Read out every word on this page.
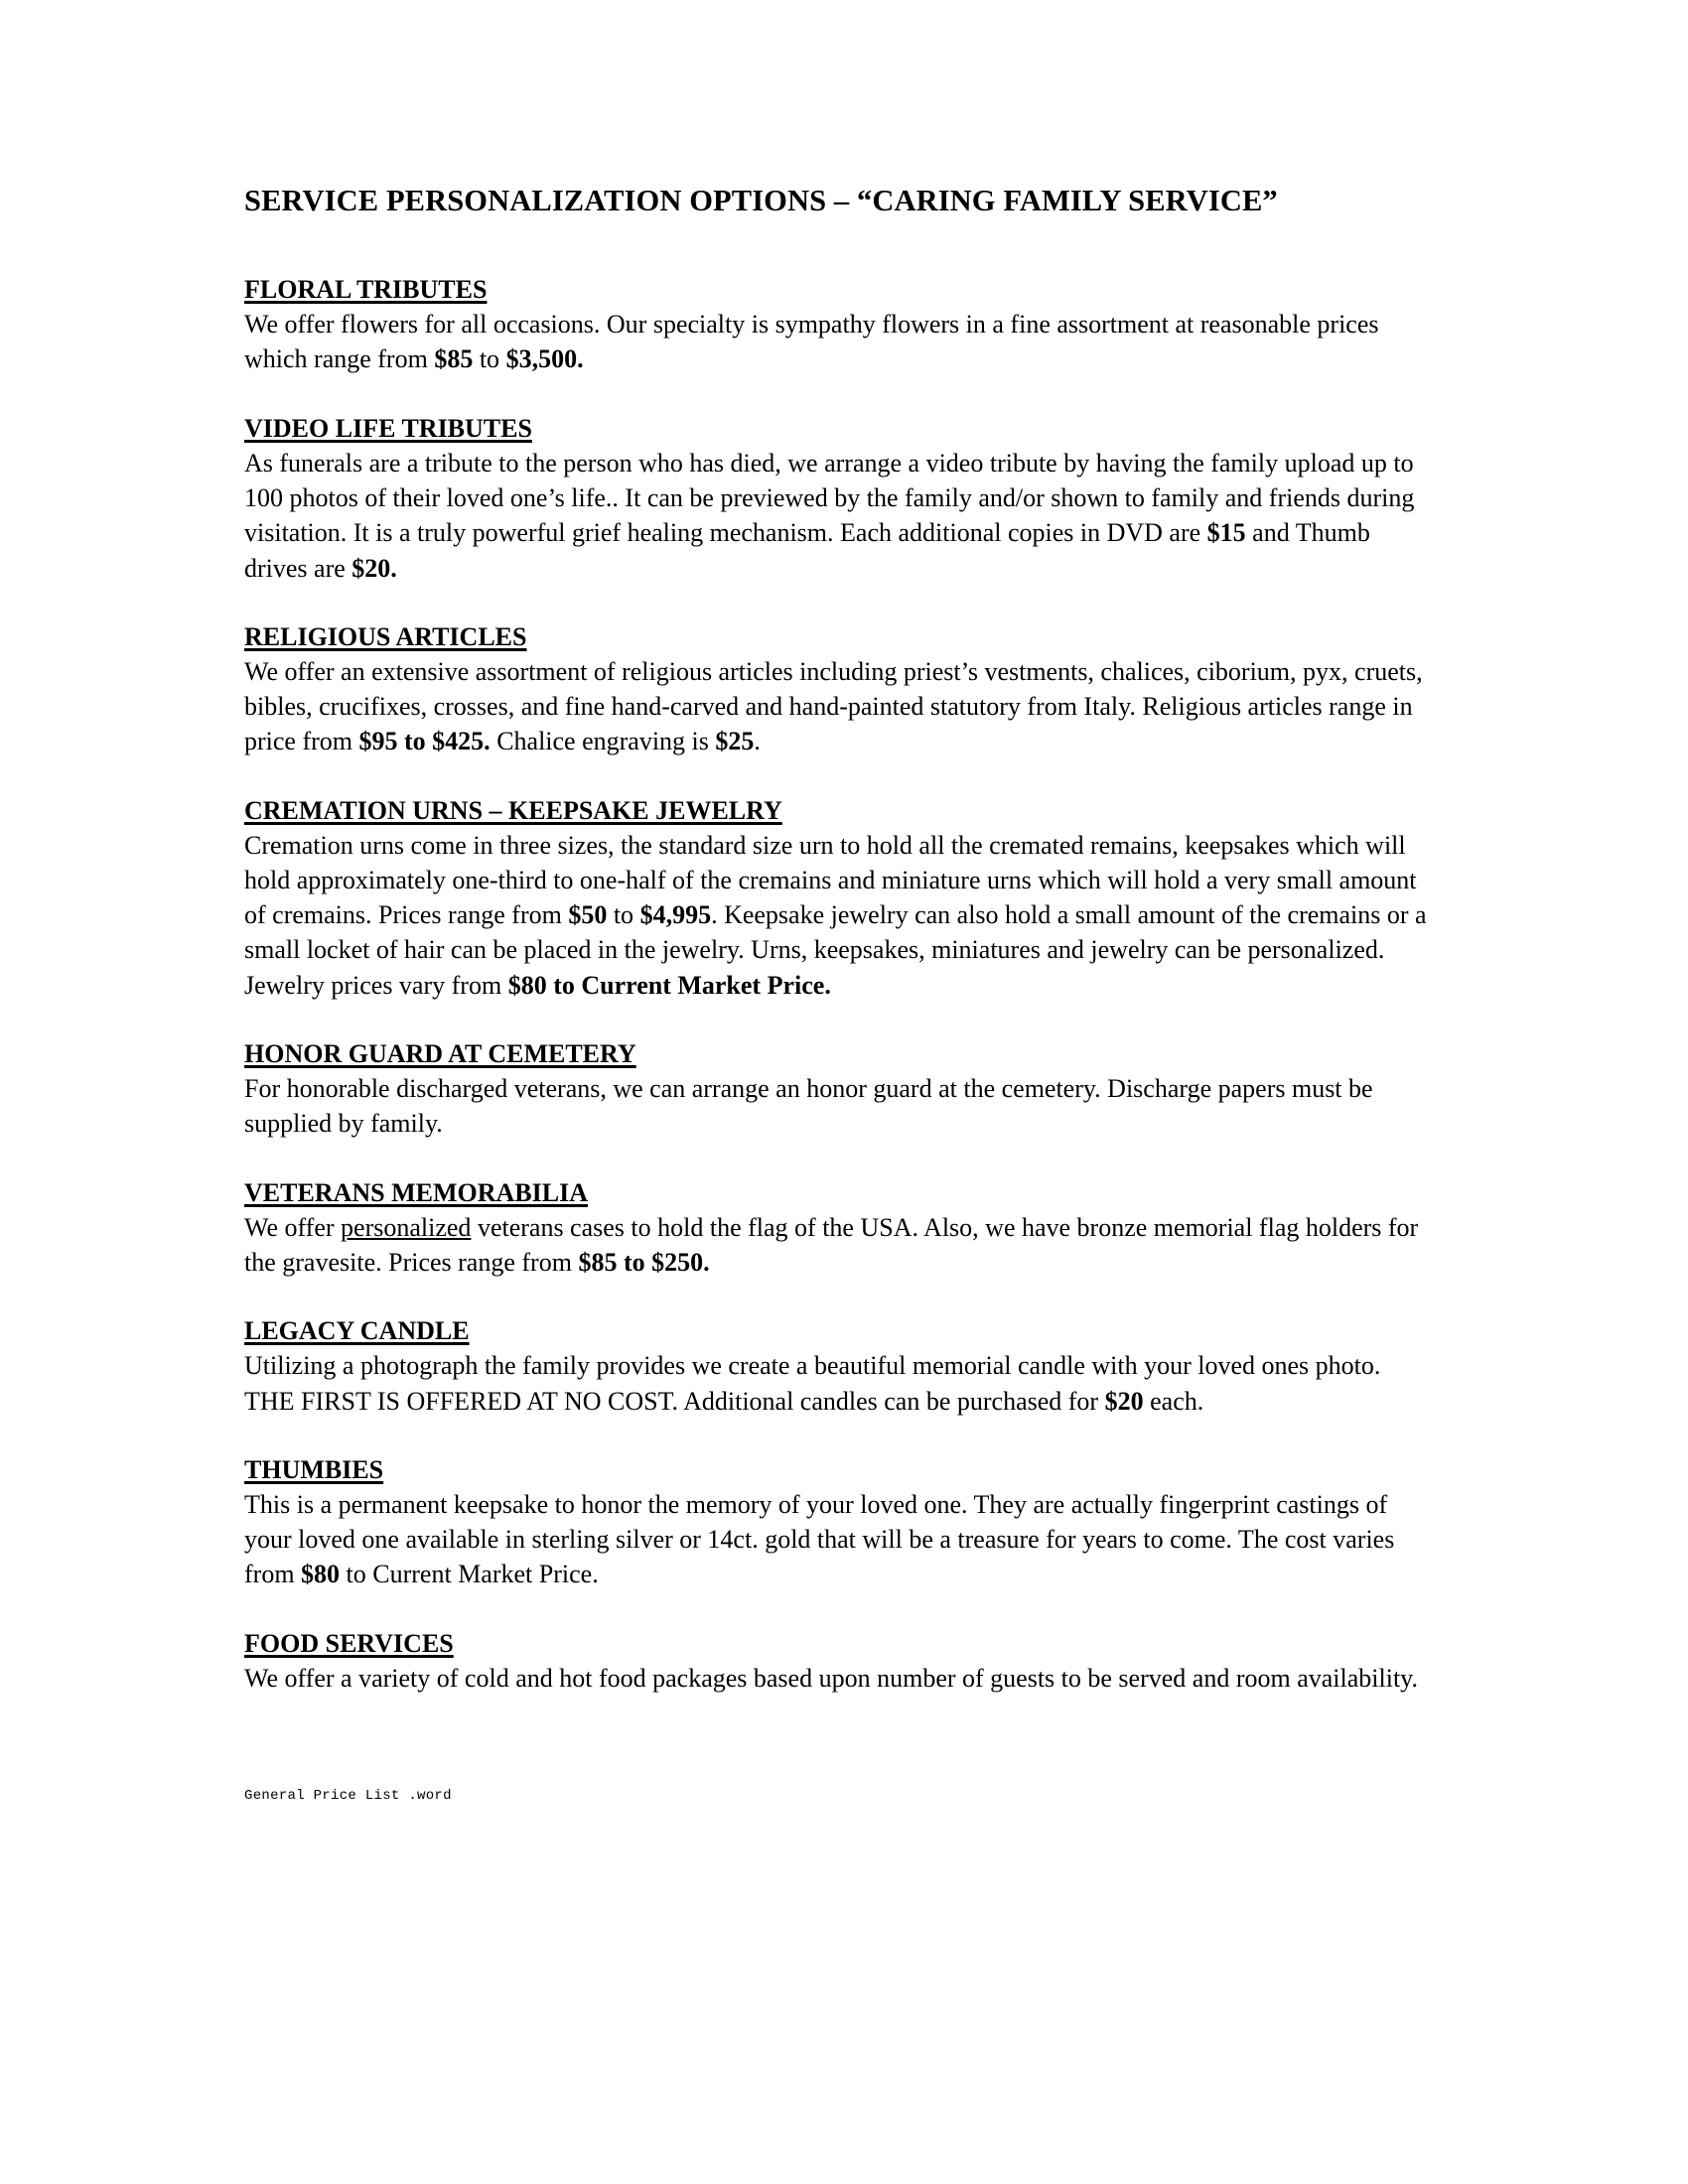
SERVICE PERSONALIZATION OPTIONS – “CARING FAMILY SERVICE”
FLORAL TRIBUTES

We offer flowers for all occasions. Our specialty is sympathy flowers in a fine assortment at reasonable prices which range from $85 to $3,500.

VIDEO LIFE TRIBUTES

As funerals are a tribute to the person who has died, we arrange a video tribute by having the family upload up to 100 photos of their loved one’s life.. It can be previewed by the family and/or shown to family and friends during visitation. It is a truly powerful grief healing mechanism. Each additional copies in DVD are $15 and Thumb drives are $20.

RELIGIOUS ARTICLES

We offer an extensive assortment of religious articles including priest’s vestments, chalices, ciborium, pyx, cruets, bibles, crucifixes, crosses, and fine hand-carved and hand-painted statutory from Italy. Religious articles range in price from $95 to $425. Chalice engraving is $25.

CREMATION URNS – KEEPSAKE JEWELRY

Cremation urns come in three sizes, the standard size urn to hold all the cremated remains, keepsakes which will hold approximately one-third to one-half of the cremains and miniature urns which will hold a very small amount of cremains. Prices range from $50 to $4,995. Keepsake jewelry can also hold a small amount of the cremains or a small locket of hair can be placed in the jewelry. Urns, keepsakes, miniatures and jewelry can be personalized. Jewelry prices vary from $80 to Current Market Price.

HONOR GUARD AT CEMETERY

For honorable discharged veterans, we can arrange an honor guard at the cemetery. Discharge papers must be supplied by family.

VETERANS MEMORABILIA

We offer personalized veterans cases to hold the flag of the USA. Also, we have bronze memorial flag holders for the gravesite. Prices range from $85 to $250.

LEGACY CANDLE

Utilizing a photograph the family provides we create a beautiful memorial candle with your loved ones photo. THE FIRST IS OFFERED AT NO COST. Additional candles can be purchased for $20 each.

THUMBIES

This is a permanent keepsake to honor the memory of your loved one. They are actually fingerprint castings of your loved one available in sterling silver or 14ct. gold that will be a treasure for years to come. The cost varies from $80 to Current Market Price.

FOOD SERVICES

We offer a variety of cold and hot food packages based upon number of guests to be served and room availability.

General Price List .word
